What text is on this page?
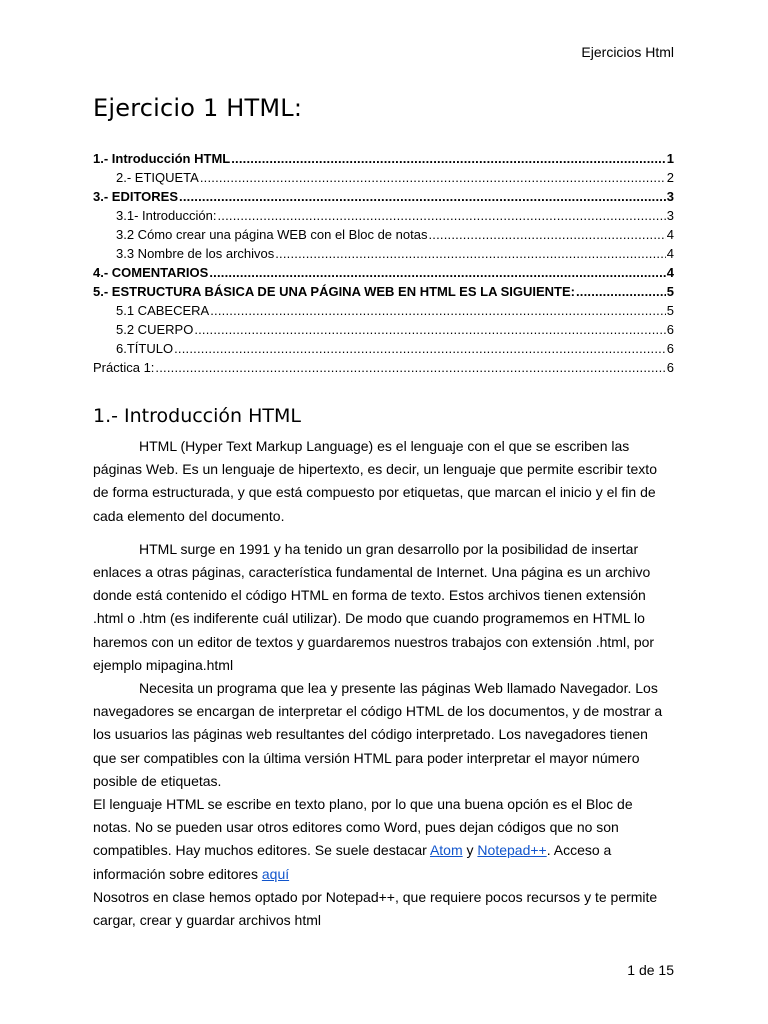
Ejercicios Html
Ejercicio 1 HTML:
1.- Introducción HTML .....	1
2.- ETIQUETA .....	2
3.- EDITORES .....	3
3.1- Introducción: .....	3
3.2 Cómo crear una página WEB con el Bloc de notas .....	4
3.3 Nombre de los archivos .....	4
4.- COMENTARIOS .....	4
5.- ESTRUCTURA BÁSICA DE UNA PÁGINA WEB EN HTML ES LA SIGUIENTE: .....	5
5.1 CABECERA .....	5
5.2 CUERPO .....	6
6.TÍTULO .....	6
Práctica 1: .....	6
1.- Introducción HTML

HTML (Hyper Text Markup Language) es el lenguaje con el que se escriben las páginas Web. Es un lenguaje de hipertexto, es decir, un lenguaje que permite escribir texto de forma estructurada, y que está compuesto por etiquetas, que marcan el inicio y el fin de cada elemento del documento.

HTML surge en 1991 y ha tenido un gran desarrollo por la posibilidad de insertar enlaces a otras páginas, característica fundamental de Internet. Una página es un archivo donde está contenido el código HTML en forma de texto. Estos archivos tienen extensión .html o .htm (es indiferente cuál utilizar). De modo que cuando programemos en HTML lo haremos con un editor de textos y guardaremos nuestros trabajos con extensión .html, por ejemplo mipagina.html

Necesita un programa que lea y presente las páginas Web llamado Navegador. Los navegadores se encargan de interpretar el código HTML de los documentos, y de mostrar a los usuarios las páginas web resultantes del código interpretado. Los navegadores tienen que ser compatibles con la última versión HTML para poder interpretar el mayor número posible de etiquetas.

El lenguaje HTML se escribe en texto plano, por lo que una buena opción es el Bloc de notas. No se pueden usar otros editores como Word, pues dejan códigos que no son compatibles. Hay muchos editores. Se suele destacar Atom y Notepad++. Acceso a información sobre editores aquí

Nosotros en clase hemos optado por Notepad++, que requiere pocos recursos y te permite cargar, crear y guardar archivos html

1 de 15
